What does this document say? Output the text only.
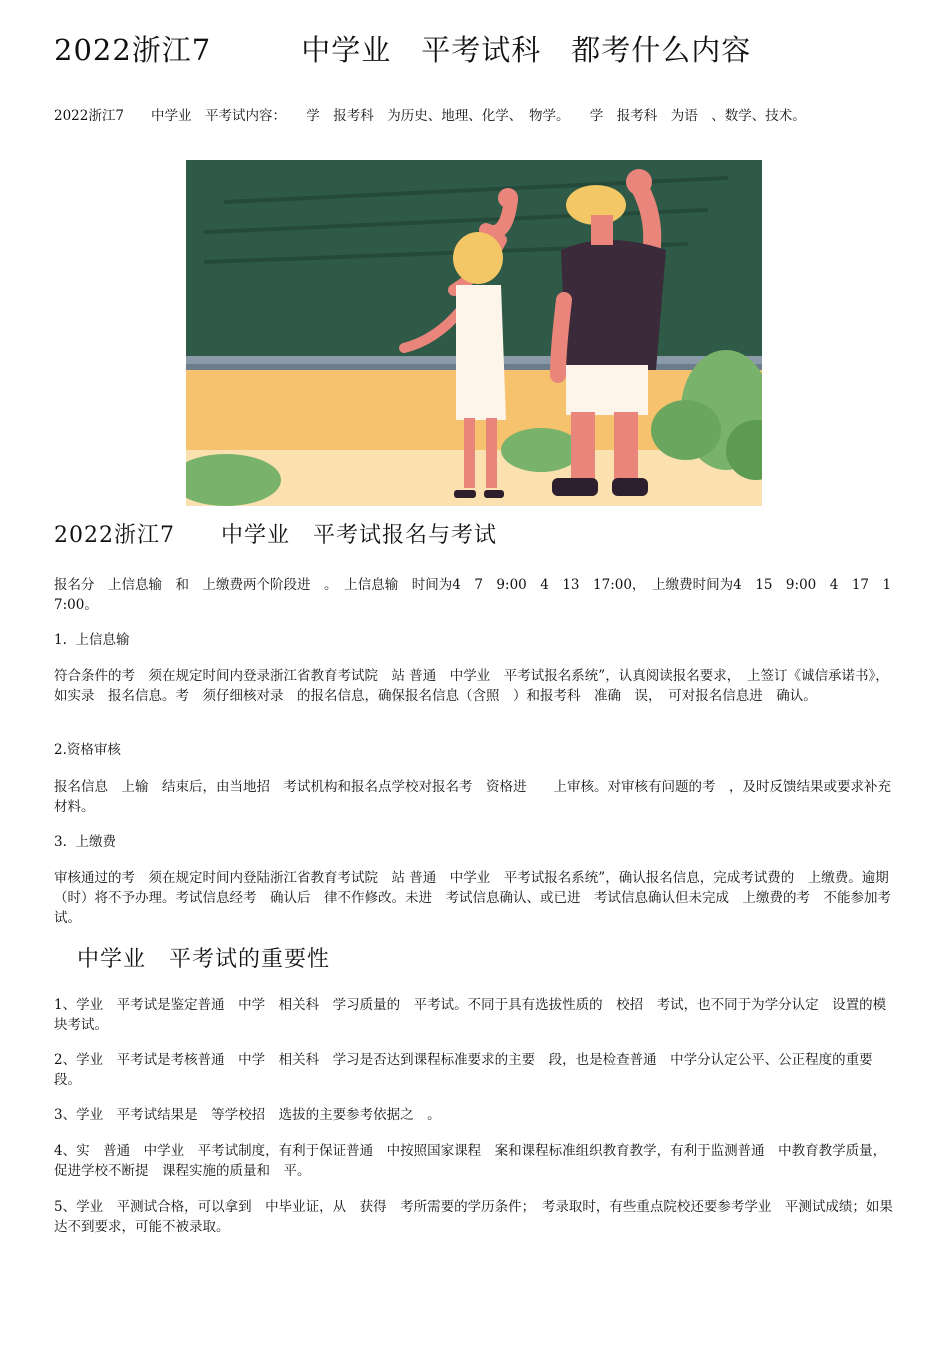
2022浙江7　　　中学业　平考试科　都考什么内容

2022浙江7　　中学业　平考试内容：　　学　报考科　为历史、地理、化学、　物学。　　学　报考科　为语　、数学、技术。

2022浙江7　　中学业　平考试报名与考试

报名分　上信息输　和　上缴费两个阶段进　。　上信息输　时间为4　7　9:00　4　13　17:00，　上缴费时间为4　15　9:00　4　17　17:00。

1.  上信息输

符合条件的考　须在规定时间内登录浙江省教育考试院　站 普通　中学业　平考试报名系统”，认真阅读报名要求，　上签订《诚信承诺书》，如实录　报名信息。考　须仔细核对录　的报名信息，确保报名信息（含照　）和报考科　准确　误，　可对报名信息进　确认。

2.资格审核

报名信息　上输　结束后，由当地招　考试机构和报名点学校对报名考　资格进　　上审核。对审核有问题的考　，及时反馈结果或要求补充材料。

3.  上缴费

审核通过的考　须在规定时间内登陆浙江省教育考试院　站 普通　中学业　平考试报名系统”，确认报名信息，完成考试费的　上缴费。逾期（时）将不予办理。考试信息经考　确认后　律不作修改。未进　考试信息确认、或已进　考试信息确认但未完成　上缴费的考　不能参加考试。

　中学业　平考试的重要性

1、学业　平考试是鉴定普通　中学　相关科　学习质量的　平考试。不同于具有选拔性质的　校招　考试，也不同于为学分认定　设置的模块考试。

2、学业　平考试是考核普通　中学　相关科　学习是否达到课程标准要求的主要　段，也是检查普通　中学分认定公平、公正程度的重要　段。

3、学业　平考试结果是　等学校招　选拔的主要参考依据之　。

4、实　普通　中学业　平考试制度，有利于保证普通　中按照国家课程　案和课程标准组织教育教学，有利于监测普通　中教育教学质量，促进学校不断提　课程实施的质量和　平。

5、学业　平测试合格，可以拿到　中毕业证，从　获得　考所需要的学历条件；　考录取时，有些重点院校还要参考学业　平测试成绩；如果达不到要求，可能不被录取。
